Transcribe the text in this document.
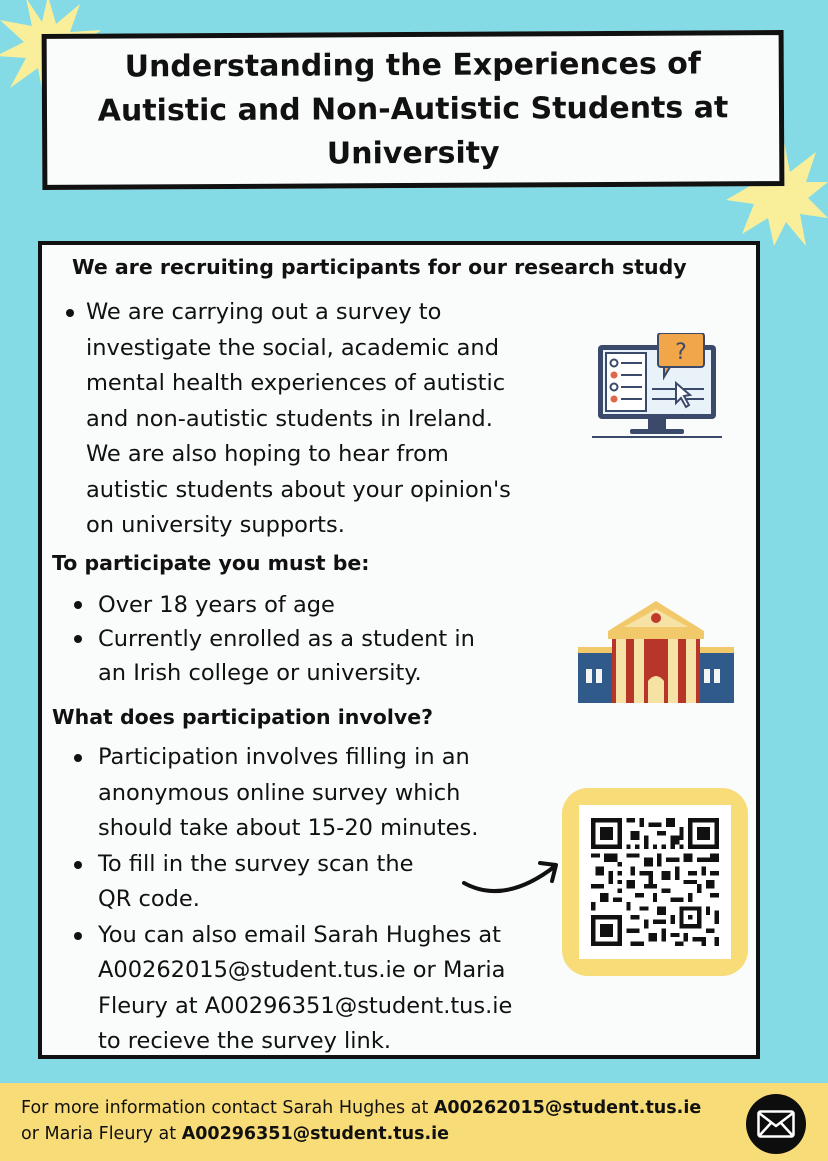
Understanding the Experiences of Autistic and Non-Autistic Students at University

We are recruiting participants for our research study

We are carrying out a survey to investigate the social, academic and mental health experiences of autistic and non-autistic students in Ireland. We are also hoping to hear from autistic students about your opinion's on university supports.
?

To participate you must be:

Over 18 years of age
Currently enrolled as a student in an Irish college or university.

What does participation involve?

Participation involves filling in an anonymous online survey which should take about 15-20 minutes.
To fill in the survey scan the QR code.
You can also email Sarah Hughes at A00262015@student.tus.ie or Maria Fleury at A00296351@student.tus.ie to recieve the survey link.

For more information contact Sarah Hughes at A00262015@student.tus.ie

or Maria Fleury at A00296351@student.tus.ie
